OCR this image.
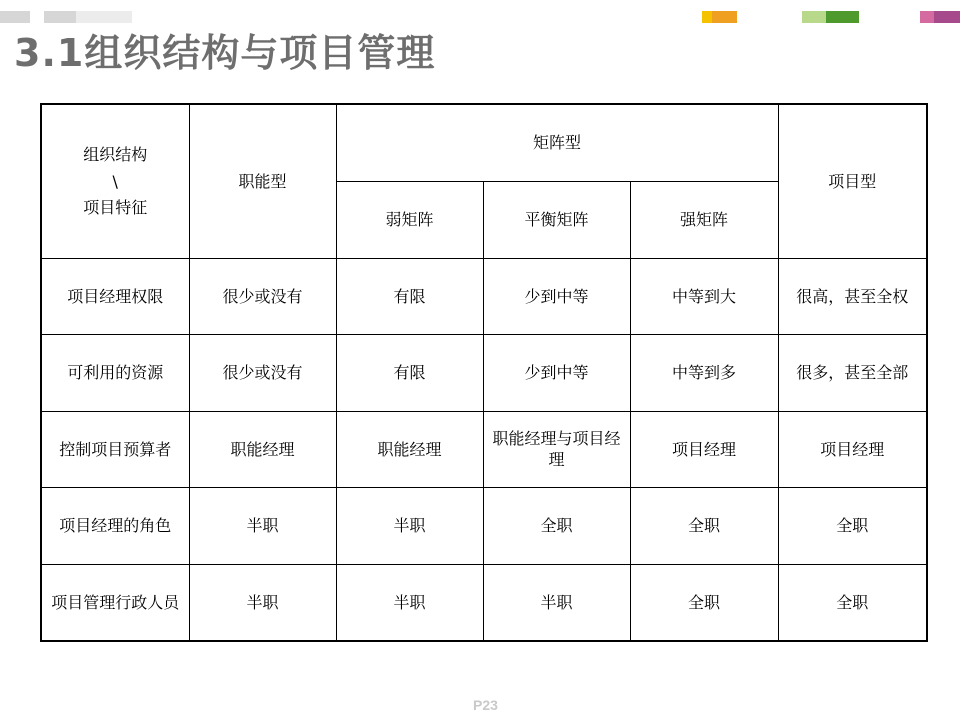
3.1组织结构与项目管理
组织结构
\
项目特征	职能型	矩阵型			项目型
		弱矩阵	平衡矩阵	强矩阵	
项目经理权限	很少或没有	有限	少到中等	中等到大	很高，甚至全权
可利用的资源	很少或没有	有限	少到中等	中等到多	很多，甚至全部
控制项目预算者	职能经理	职能经理	职能经理与项目经理	项目经理	项目经理
项目经理的角色	半职	半职	全职	全职	全职
项目管理行政人员	半职	半职	半职	全职	全职
P23
